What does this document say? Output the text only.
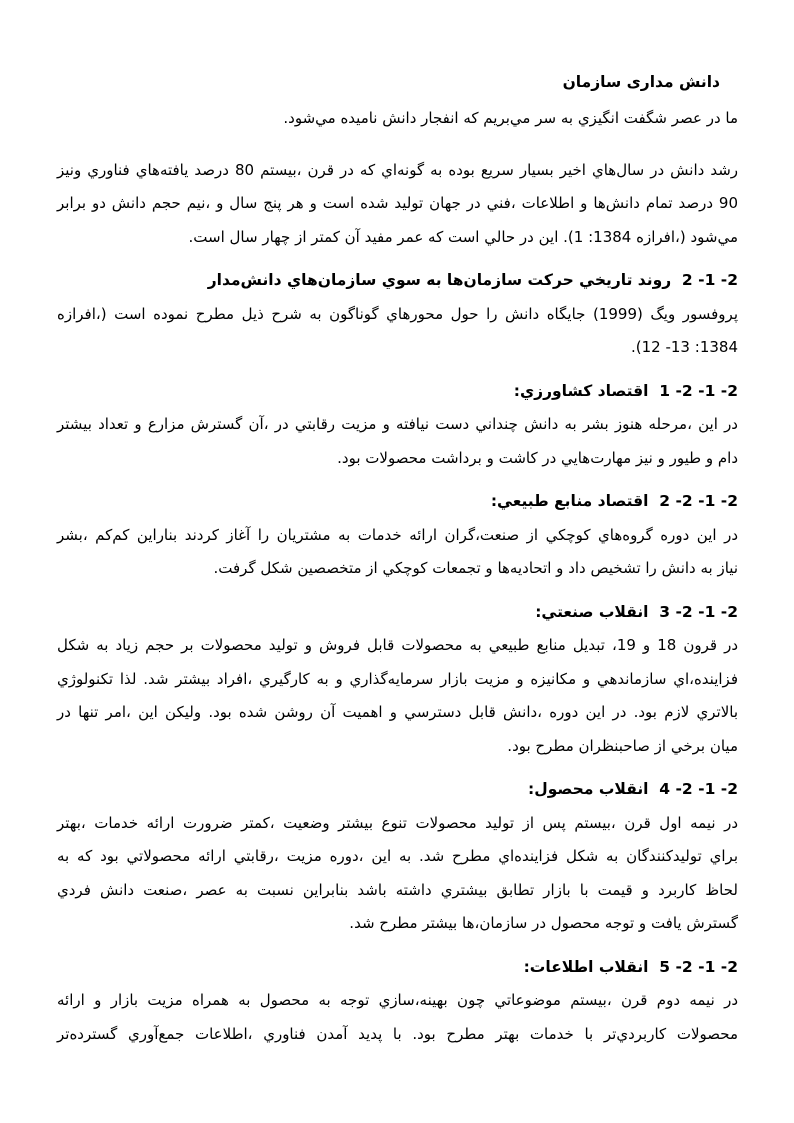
دانش مداری سازمان
ما در عصر شگفت انگيزي به سر مي‌بريم كه انفجار دانش ناميده مي‌شود.
رشد دانش در سال‌هاي اخير بسيار سريع بوده به گونه‌اي كه در قرن ،بيستم 80 درصد يافته‌هاي فناوري ونيز
90 درصد تمام دانش‌ها و اطلاعات ،فني در جهان توليد شده است و هر پنج سال و ،نيم حجم دانش دو برابر
مي‌شود (،افرازه 1384: 1). اين در حالي است كه عمر مفيد آن كمتر از چهار سال است.
2- 1- 2  روند تاريخي حركت سازمان‌ها به سوي سازمان‌هاي دانش‌مدار
پروفسور ويگ (1999) جايگاه دانش را حول محورهاي گوناگون به شرح ذيل مطرح نموده است (،افرازه
1384: 13- 12).
2- 1- 2- 1  اقتصاد كشاورزي:
در اين ،مرحله هنوز بشر به دانش چنداني دست نيافته و مزيت رقابتي در ،آن گسترش مزارع و تعداد بيشتر
دام و طيور و نيز مهارت‌هايي در كاشت و برداشت محصولات بود.
2- 1- 2- 2  اقتصاد منابع طبيعي:
در اين دوره گروه‌هاي كوچكي از صنعت،گران ارائه خدمات به مشتريان را آغاز كردند بناراين كم‌كم ،بشر
نياز به دانش را تشخيص داد و اتحاديه‌ها و تجمعات كوچكي از متخصصين شكل گرفت.
2- 1- 2- 3  انقلاب صنعتي:
در قرون 18 و 19، تبديل منابع طبيعي به محصولات قابل فروش و توليد محصولات بر حجم زياد به شكل
فزاينده،اي سازماندهي و مكانيزه و مزيت بازار سرمايه‌گذاري و به كارگيري ،افراد بيشتر شد. لذا تكنولوژي
بالاتري لازم بود. در اين دوره ،دانش قابل دسترسي و اهميت آن روشن شده بود. وليكن اين ،امر تنها در
ميان برخي از صاحبنظران مطرح بود.
2- 1- 2- 4  انقلاب محصول:
در نيمه اول قرن ،بيستم پس از توليد محصولات تنوع بيشتر وضعيت ،كمتر ضرورت ارائه خدمات ،بهتر
براي توليدكنندگان به شكل فزاينده‌اي مطرح شد. به اين ،دوره مزيت ،رقابتي ارائه محصولاتي بود كه به
لحاظ كاربرد و قيمت با بازار تطابق بيشتري داشته باشد بنابراين نسبت به عصر ،صنعت دانش فردي
گسترش يافت و توجه محصول در سازمان،ها بيشتر مطرح شد.
2- 1- 2- 5  انقلاب اطلاعات:
در نيمه دوم قرن ،بيستم موضوعاتي چون بهينه،سازي توجه به محصول به همراه مزيت بازار و ارائه
محصولات كاربردي‌تر با خدمات بهتر مطرح بود. با پديد آمدن فناوري ،اطلاعات جمع‌آوري گسترده‌تر
